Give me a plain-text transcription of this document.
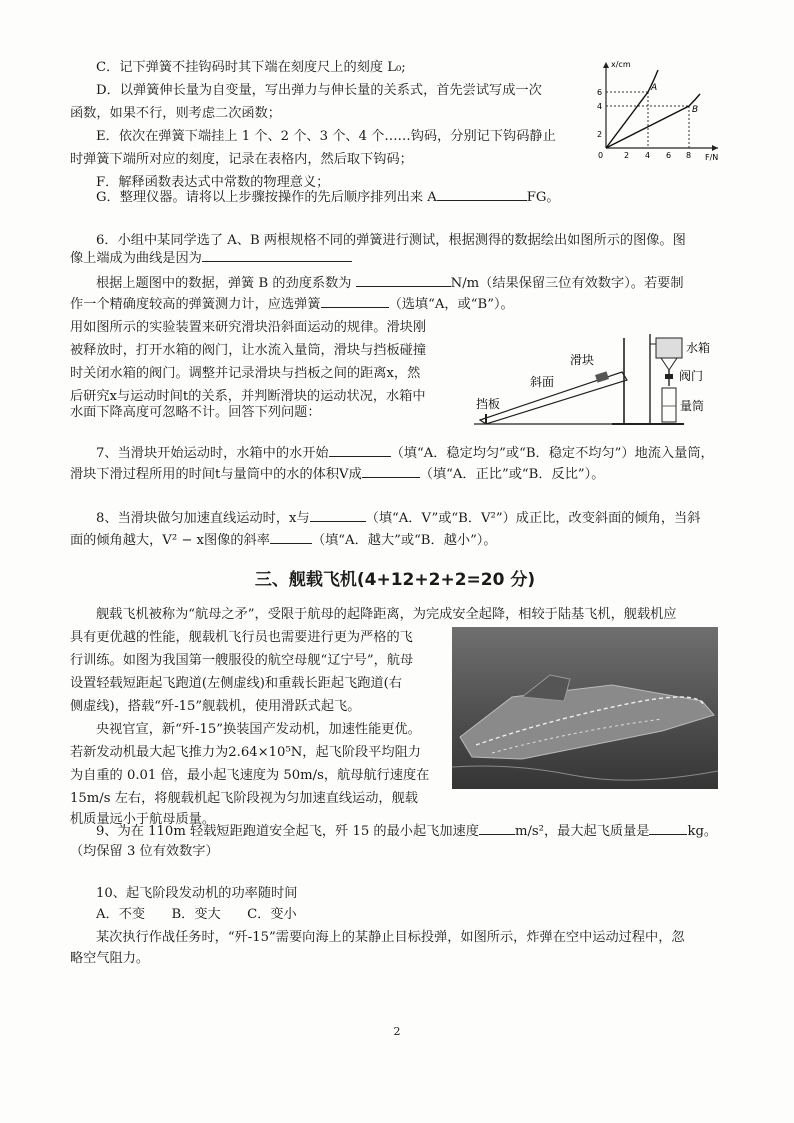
C．记下弹簧不挂钩码时其下端在刻度尺上的刻度 L₀;
D．以弹簧伸长量为自变量，写出弹力与伸长量的关系式，首先尝试写成一次
函数，如果不行，则考虑二次函数；
E．依次在弹簧下端挂上 1 个、2 个、3 个、4 个……钩码，分别记下钩码静止
时弹簧下端所对应的刻度，记录在表格内，然后取下钩码；
F．解释函数表达式中常数的物理意义；
G．整理仪器。请将以上步骤按操作的先后顺序排列出来 A	FG。
x/cm
F/N
2
4
6
2 4 6 8
0
A
B
6．小组中某同学选了 A、B 两根规格不同的弹簧进行测试，根据测得的数据绘出如图所示的图像。图
像上端成为曲线是因为
根据上题图中的数据，弹簧 B 的劲度系数为	N/m（结果保留三位有效数字）。若要制
作一个精确度较高的弹簧测力计，应选弹簧	（选填“A，或“B”）。
用如图所示的实验装置来研究滑块沿斜面运动的规律。滑块刚
被释放时，打开水箱的阀门，让水流入量筒，滑块与挡板碰撞
时关闭水箱的阀门。调整并记录滑块与挡板之间的距离x，然
后研究x与运动时间t的关系，并判断滑块的运动状况，水箱中
水面下降高度可忽略不计。回答下列问题：
滑块
斜面
挡板
水箱
阀门
量筒
7、当滑块开始运动时，水箱中的水开始	（填“A．稳定均匀”或“B．稳定不均匀”）地流入量筒，
滑块下滑过程所用的时间t与量筒中的水的体积V成	（填“A．正比”或“B．反比”）。
8、当滑块做匀加速直线运动时，x与	（填“A．V”或“B．V²”）成正比，改变斜面的倾角，当斜
面的倾角越大，V² − x图像的斜率	（填“A．越大”或“B．越小”）。
三、舰载飞机(4+12+2+2=20 分)
舰载飞机被称为“航母之矛”，受限于航母的起降距离，为完成安全起降，相较于陆基飞机，舰载机应
具有更优越的性能，舰载机飞行员也需要进行更为严格的飞
行训练。如图为我国第一艘服役的航空母舰“辽宁号”，航母
设置轻载短距起飞跑道(左侧虚线)和重载长距起飞跑道(右
侧虚线)，搭载“歼-15”舰载机，使用滑跃式起飞。
央视官宣，新“歼-15”换装国产发动机，加速性能更优。
若新发动机最大起飞推力为2.64×10⁵N，起飞阶段平均阻力
为自重的 0.01 倍，最小起飞速度为 50m/s，航母航行速度在
15m/s 左右，将舰载机起飞阶段视为匀加速直线运动，舰载
机质量远小于航母质量。
9、为在 110m 轻载短距跑道安全起飞，歼 15 的最小起飞加速度	m/s²，最大起飞质量是	kg。
（均保留 3 位有效数字）
10、起飞阶段发动机的功率随时间
A．不变　　B．变大　　C．变小
某次执行作战任务时，“歼-15”需要向海上的某静止目标投弹，如图所示，炸弹在空中运动过程中，忽
略空气阻力。
2
